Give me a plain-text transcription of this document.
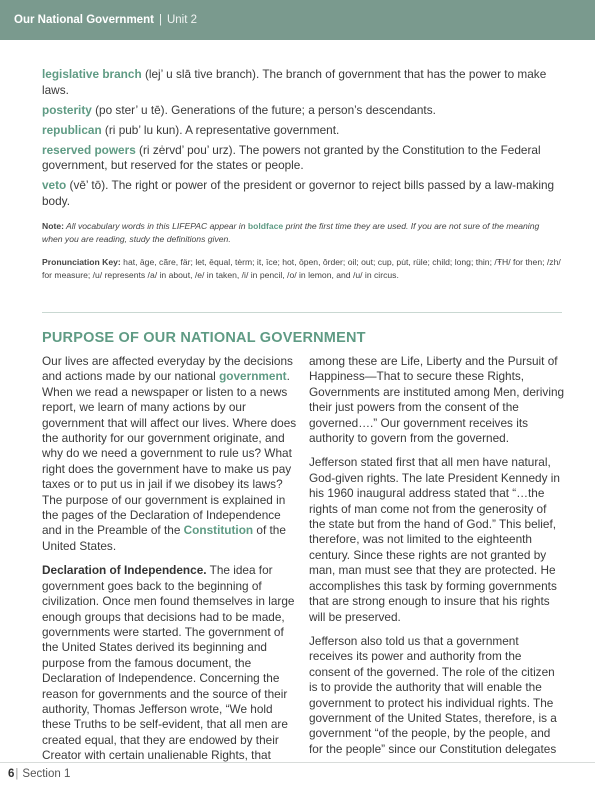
Our National Government | Unit 2

legislative branch (lej’ u slā tive branch). The branch of government that has the power to make laws.

posterity (po ster’ u tē). Generations of the future; a person’s descendants.

republican (ri pub’ lu kun). A representative government.

reserved powers (ri zėrvd’ pou’ urz). The powers not granted by the Constitution to the Federal government, but reserved for the states or people.

veto (vē’ tō). The right or power of the president or governor to reject bills passed by a law-making body.

Note: All vocabulary words in this LIFEPAC appear in boldface print the first time they are used. If you are not sure of the meaning when you are reading, study the definitions given.

Pronunciation Key: hat, āge, cãre, fär; let, ēqual, tėrm; it, īce; hot, ōpen, ôrder; oil; out; cup, pu̇t, rüle; child; long; thin; /ŦH/ for then; /zh/ for measure; /u/ represents /a/ in about, /e/ in taken, /i/ in pencil, /o/ in lemon, and /u/ in circus.

PURPOSE OF OUR NATIONAL GOVERNMENT

Our lives are affected everyday by the decisions and actions made by our national government. When we read a newspaper or listen to a news report, we learn of many actions by our government that will affect our lives. Where does the authority for our government originate, and why do we need a government to rule us? What right does the government have to make us pay taxes or to put us in jail if we disobey its laws? The purpose of our government is explained in the pages of the Declaration of Independence and in the Preamble of the Constitution of the United States.

Declaration of Independence. The idea for government goes back to the beginning of civilization. Once men found themselves in large enough groups that decisions had to be made, governments were started. The government of the United States derived its beginning and purpose from the famous document, the Declaration of Independence. Concerning the reason for governments and the source of their authority, Thomas Jefferson wrote, “We hold these Truths to be self-evident, that all men are created equal, that they are endowed by their Creator with certain unalienable Rights, that

among these are Life, Liberty and the Pursuit of Happiness—That to secure these Rights, Governments are instituted among Men, deriving their just powers from the consent of the governed….” Our government receives its authority to govern from the governed.

Jefferson stated first that all men have natural, God-given rights. The late President Kennedy in his 1960 inaugural address stated that “…the rights of man come not from the generosity of the state but from the hand of God.” This belief, therefore, was not limited to the eighteenth century. Since these rights are not granted by man, man must see that they are protected. He accomplishes this task by forming governments that are strong enough to insure that his rights will be preserved.

Jefferson also told us that a government receives its power and authority from the consent of the governed. The role of the citizen is to provide the authority that will enable the government to protect his individual rights. The government of the United States, therefore, is a government “of the people, by the people, and for the people” since our Constitution delegates

6 | Section 1
